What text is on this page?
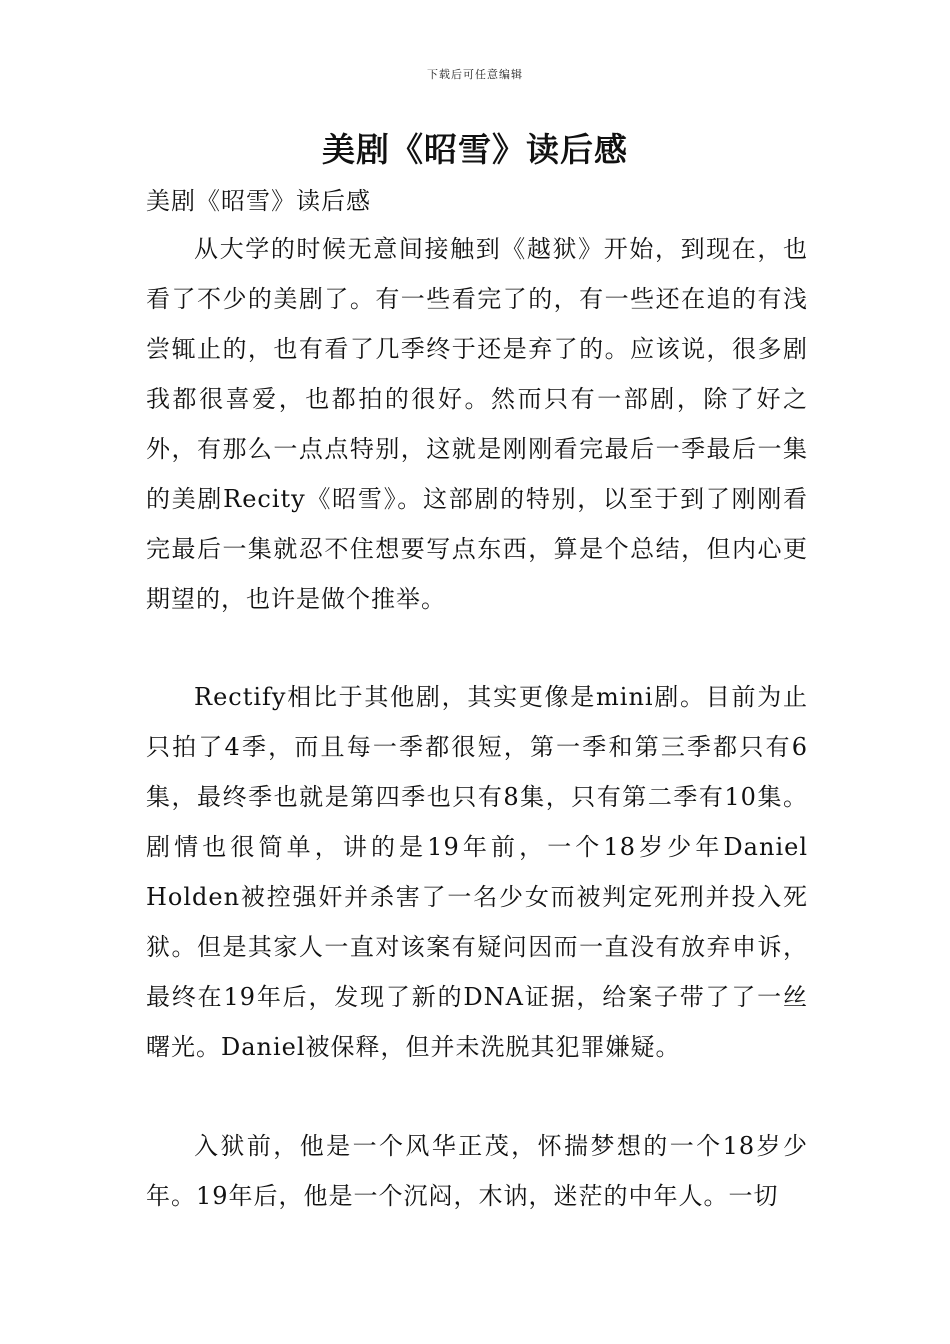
下载后可任意编辑
美剧《昭雪》读后感
美剧《昭雪》读后感

从大学的时候无意间接触到《越狱》开始，到现在，也看了不少的美剧了。有一些看完了的，有一些还在追的有浅尝辄止的，也有看了几季终于还是弃了的。应该说，很多剧我都很喜爱，也都拍的很好。然而只有一部剧，除了好之外，有那么一点点特别，这就是刚刚看完最后一季最后一集的美剧Recity《昭雪》。这部剧的特别，以至于到了刚刚看完最后一集就忍不住想要写点东西，算是个总结，但内心更期望的，也许是做个推举。

Rectify相比于其他剧，其实更像是mini剧。目前为止只拍了4季，而且每一季都很短，第一季和第三季都只有6集，最终季也就是第四季也只有8集，只有第二季有10集。剧情也很简单，讲的是19年前，一个18岁少年Daniel Holden被控强奸并杀害了一名少女而被判定死刑并投入死狱。但是其家人一直对该案有疑问因而一直没有放弃申诉，最终在19年后，发现了新的DNA证据，给案子带了了一丝曙光。Daniel被保释，但并未洗脱其犯罪嫌疑。

入狱前，他是一个风华正茂，怀揣梦想的一个18岁少年。19年后，他是一个沉闷，木讷，迷茫的中年人。一切
